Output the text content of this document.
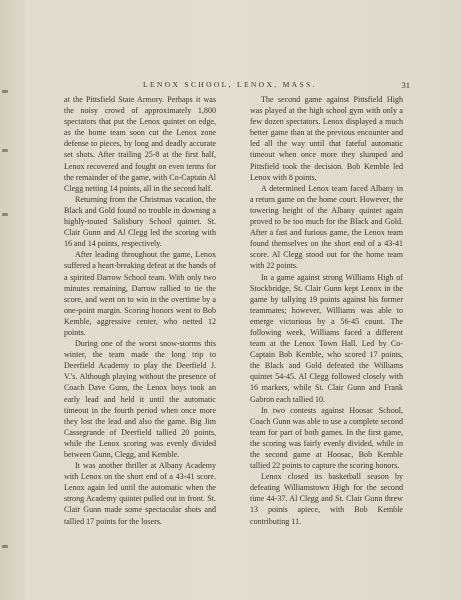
LENOX SCHOOL, LENOX, MASS.	31

at the Pittsfield State Armory. Perhaps it was the noisy crowd of approximately 1,800 spectators that put the Lenox quintet on edge, as the home team soon cut the Lenox zone defense to pieces, by long and deadly accurate set shots. After trailing 25-8 at the first half, Lenox recovered and fought on even terms for the remainder of the game, with Co-Captain Al Clegg netting 14 points, all in the second half.

Returning from the Christmas vacation, the Black and Gold found no trouble in downing a highly-touted Salisbury School quintet. St. Clair Gunn and Al Clegg led the scoring with 16 and 14 points, respectively.

After leading throughout the game, Lenox suffered a heart-breaking defeat at the hands of a spirited Darrow School team. With only two minutes remaining, Darrow rallied to tie the score, and went on to win in the overtime by a one-point margin. Scoring honors went to Bob Kemble, aggressive center, who netted 12 points.

During one of the worst snow-storms this winter, the team made the long trip to Deerfield Academy to play the Deerfield J. V.'s. Although playing without the presence of Coach Dave Gunn, the Lenox boys took an early lead and held it until the automatic timeout in the fourth period when once more they lost the lead and also the game. Big Jim Cassegrande of Deerfield tallied 20 points, while the Lenox scoring was evenly divided between Gunn, Clegg, and Kemble.

It was another thriller at Albany Academy with Lenox on the short end of a 43-41 score. Lenox again led until the automatic when the strong Academy quintet pulled out in front. St. Clair Gunn made some spectacular shots and tallied 17 points for the losers.

The second game against Pittsfield High was played at the high school gym with only a few dozen spectators. Lenox displayed a much better game than at the previous encounter and led all the way until that fateful automatic timeout when once more they slumped and Pittsfield took the decision. Bob Kemble led Lenox with 8 points.

A determined Lenox team faced Albany in a return game on the home court. However, the towering height of the Albany quintet again proved to be too much for the Black and Gold. After a fast and furious game, the Lenox team found themselves on the short end of a 43-41 score. Al Clegg stood out for the home team with 22 points.

In a game against strong Williams High of Stockbridge, St. Clair Gunn kept Lenox in the game by tallying 19 points against his former teammates; however, Williams was able to emerge victorious by a 56-45 count. The following week, Williams faced a different team at the Lenox Town Hall. Led by Co-Captain Bob Kemble, who scored 17 points, the Black and Gold defeated the Williams quintet 54-45. Al Clegg followed closely with 16 markers, while St. Clair Gunn and Frank Gabron each tallied 10.

In two contests against Hoosac School, Coach Gunn was able to use a complete second team for part of both games. In the first game, the scoring was fairly evenly divided, while in the second game at Hoosac, Bob Kemble tallied 22 points to capture the scoring honors.

Lenox closed its basketball season by defeating Williamstown High for the second time 44-37. Al Clegg and St. Clair Gunn threw 13 points apiece, with Bob Kemble contributing 11.
